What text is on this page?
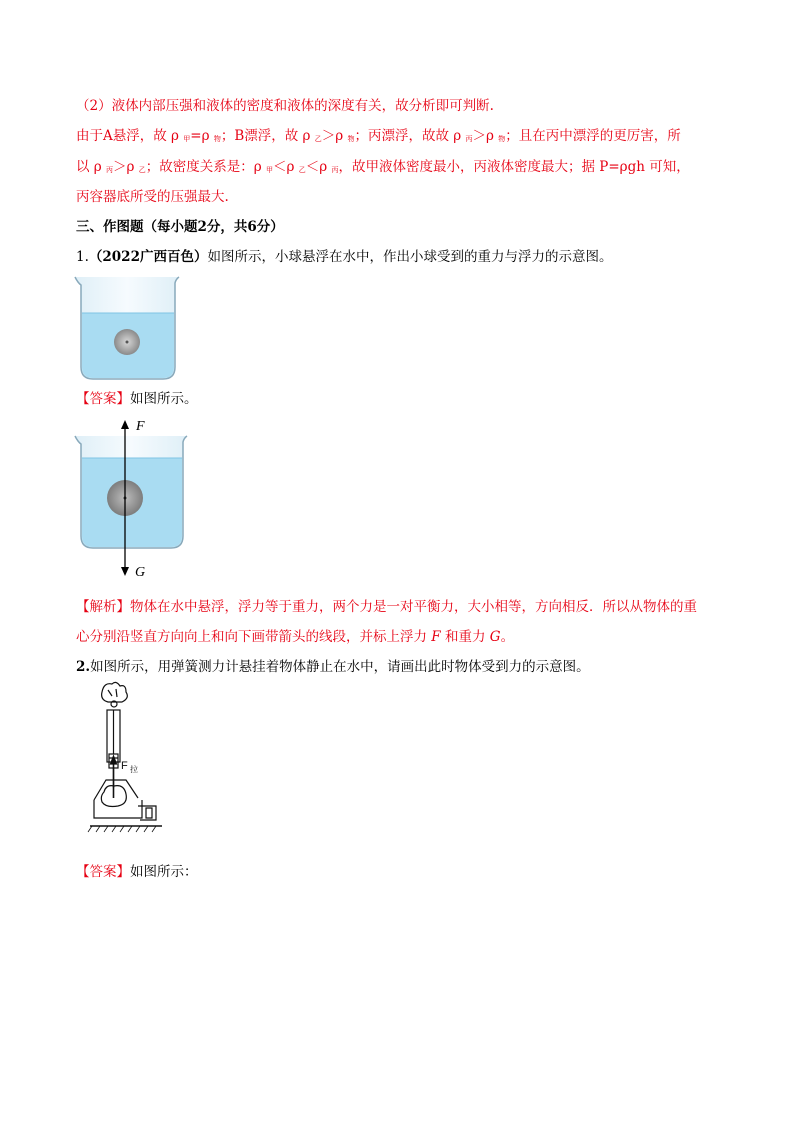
（2）液体内部压强和液体的密度和液体的深度有关，故分析即可判断.
由于A悬浮，故 ρ 甲=ρ 物；B漂浮，故 ρ 乙＞ρ 物；丙漂浮，故故 ρ 丙＞ρ 物；且在丙中漂浮的更厉害，所
以 ρ 丙＞ρ 乙；故密度关系是：ρ 甲＜ρ 乙＜ρ 丙，故甲液体密度最小，丙液体密度最大；据 P=ρgh 可知，
丙容器底所受的压强最大.
三、作图题（每小题2分，共6分）
1.（2022广西百色）如图所示，小球悬浮在水中，作出小球受到的重力与浮力的示意图。
【答案】如图所示。
F
G
【解析】物体在水中悬浮，浮力等于重力，两个力是一对平衡力，大小相等，方向相反．所以从物体的重
心分别沿竖直方向向上和向下画带箭头的线段，并标上浮力 F 和重力 G。
2.如图所示，用弹簧测力计悬挂着物体静止在水中，请画出此时物体受到力的示意图。
F 拉
【答案】如图所示：
